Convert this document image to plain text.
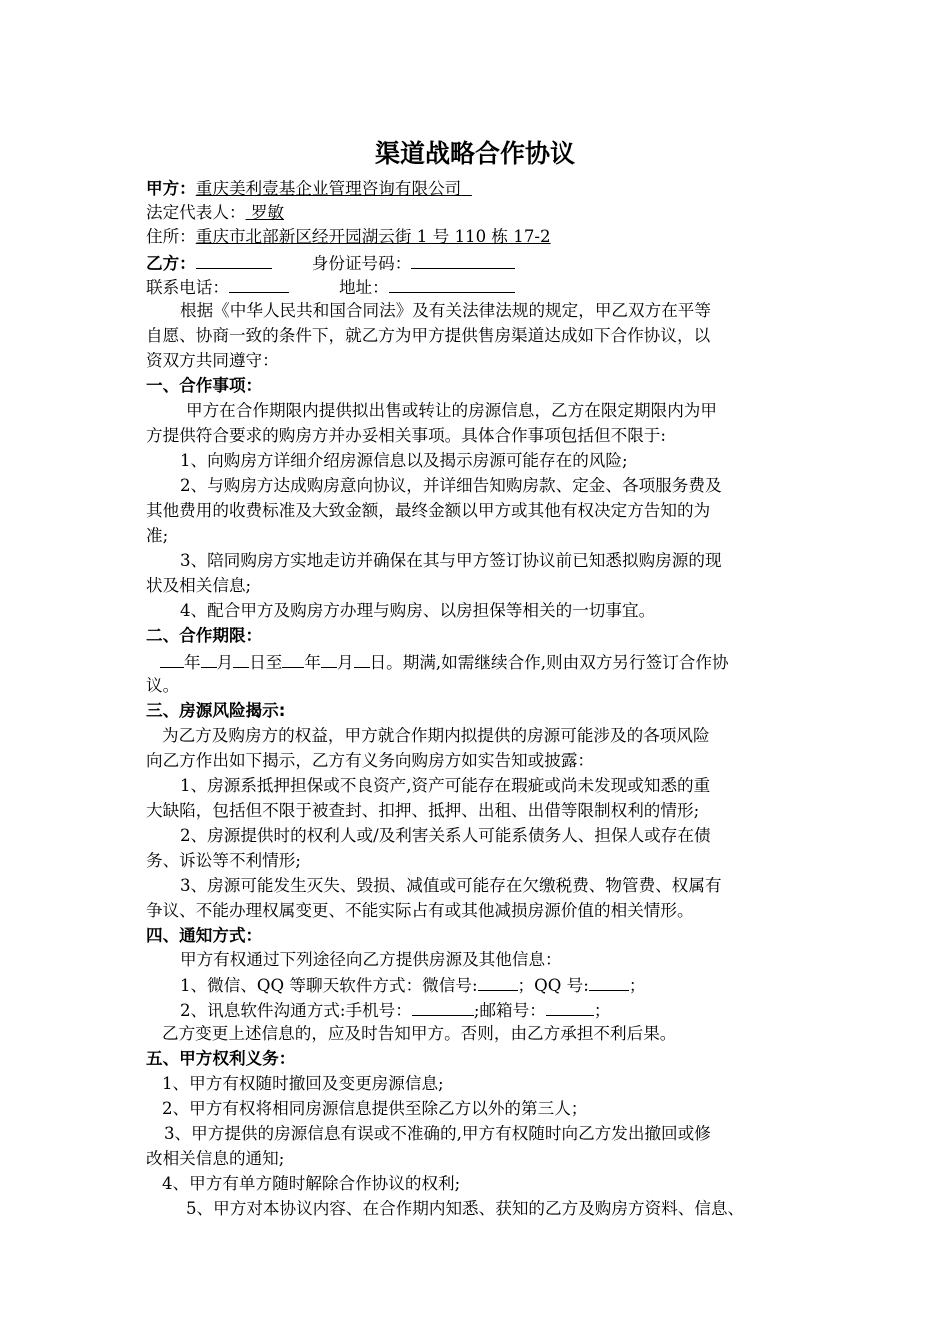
渠道战略合作协议
甲方：重庆美利壹基企业管理咨询有限公司
法定代表人： 罗敏
住所：重庆市北部新区经开园湖云街 1 号 110 栋 17-2
乙方：	身份证号码：
联系电话：	地址：
根据《中华人民共和国合同法》及有关法律法规的规定，甲乙双方在平等
自愿、协商一致的条件下，就乙方为甲方提供售房渠道达成如下合作协议，以
资双方共同遵守：
一、合作事项：
甲方在合作期限内提供拟出售或转让的房源信息，乙方在限定期限内为甲
方提供符合要求的购房方并办妥相关事项。具体合作事项包括但不限于:
1、向购房方详细介绍房源信息以及揭示房源可能存在的风险;
2、与购房方达成购房意向协议，并详细告知购房款、定金、各项服务费及
其他费用的收费标准及大致金额，最终金额以甲方或其他有权决定方告知的为
准;
3、陪同购房方实地走访并确保在其与甲方签订协议前已知悉拟购房源的现
状及相关信息;
4、配合甲方及购房方办理与购房、以房担保等相关的一切事宜。
二、合作期限：
年 月 日至 年 月 日。期满,如需继续合作,则由双方另行签订合作协
议。
三、房源风险揭示:
为乙方及购房方的权益，甲方就合作期内拟提供的房源可能涉及的各项风险
向乙方作出如下揭示，乙方有义务向购房方如实告知或披露：
1、房源系抵押担保或不良资产,资产可能存在瑕疵或尚未发现或知悉的重
大缺陷，包括但不限于被查封、扣押、抵押、出租、出借等限制权利的情形;
2、房源提供时的权利人或/及利害关系人可能系债务人、担保人或存在债
务、诉讼等不利情形;
3、房源可能发生灭失、毁损、减值或可能存在欠缴税费、物管费、权属有
争议、不能办理权属变更、不能实际占有或其他减损房源价值的相关情形。
四、通知方式：
甲方有权通过下列途径向乙方提供房源及其他信息：
1、微信、QQ 等聊天软件方式：微信号: ；QQ 号: ；
2、讯息软件沟通方式:手机号：	;邮箱号：	；
乙方变更上述信息的，应及时告知甲方。否则，由乙方承担不利后果。
五、甲方权利义务：
1、甲方有权随时撤回及变更房源信息;
2、甲方有权将相同房源信息提供至除乙方以外的第三人；
3、甲方提供的房源信息有误或不准确的,甲方有权随时向乙方发出撤回或修
改相关信息的通知;
4、甲方有单方随时解除合作协议的权利;
5、甲方对本协议内容、在合作期内知悉、获知的乙方及购房方资料、信息、
